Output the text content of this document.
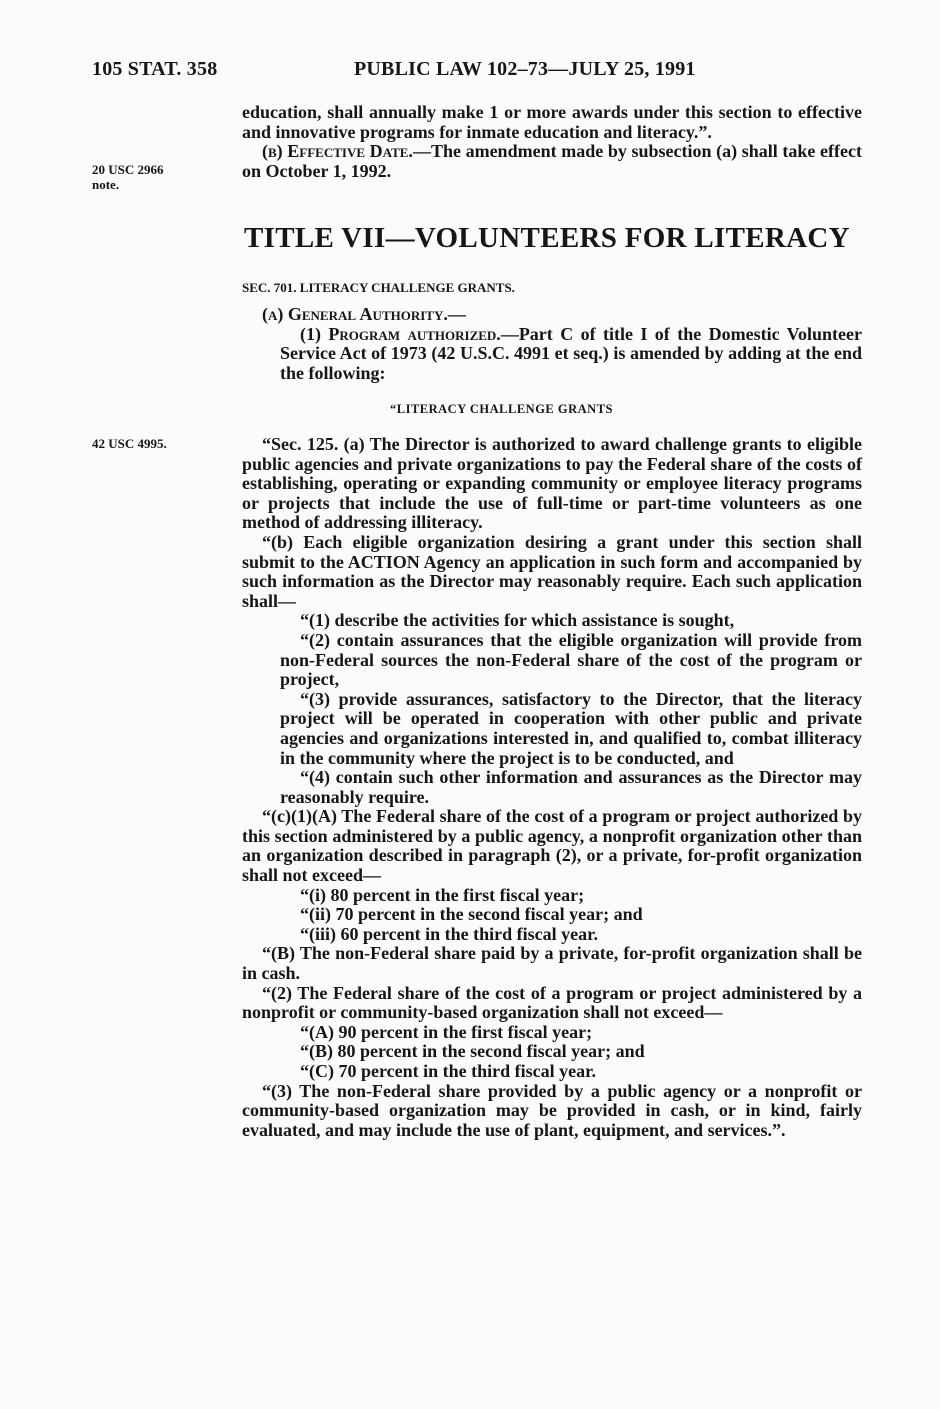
105 STAT. 358	PUBLIC LAW 102–73—JULY 25, 1991
20 USC 2966
note.
42 USC 4995.

education, shall annually make 1 or more awards under this section to effective and innovative programs for inmate education and literacy.”.

(b) Effective Date.—The amendment made by subsection (a) shall take effect on October 1, 1992.

TITLE VII—VOLUNTEERS FOR LITERACY
SEC. 701. LITERACY CHALLENGE GRANTS.

(a) General Authority.—

(1) Program authorized.—Part C of title I of the Domestic Volunteer Service Act of 1973 (42 U.S.C. 4991 et seq.) is amended by adding at the end the following:

“LITERACY CHALLENGE GRANTS

“Sec. 125. (a) The Director is authorized to award challenge grants to eligible public agencies and private organizations to pay the Federal share of the costs of establishing, operating or expanding community or employee literacy programs or projects that include the use of full-time or part-time volunteers as one method of addressing illiteracy.

“(b) Each eligible organization desiring a grant under this section shall submit to the ACTION Agency an application in such form and accompanied by such information as the Director may reasonably require. Each such application shall—

“(1) describe the activities for which assistance is sought,

“(2) contain assurances that the eligible organization will provide from non-Federal sources the non-Federal share of the cost of the program or project,

“(3) provide assurances, satisfactory to the Director, that the literacy project will be operated in cooperation with other public and private agencies and organizations interested in, and qualified to, combat illiteracy in the community where the project is to be conducted, and

“(4) contain such other information and assurances as the Director may reasonably require.

“(c)(1)(A) The Federal share of the cost of a program or project authorized by this section administered by a public agency, a nonprofit organization other than an organization described in paragraph (2), or a private, for-profit organization shall not exceed—

“(i) 80 percent in the first fiscal year;

“(ii) 70 percent in the second fiscal year; and

“(iii) 60 percent in the third fiscal year.

“(B) The non-Federal share paid by a private, for-profit organization shall be in cash.

“(2) The Federal share of the cost of a program or project administered by a nonprofit or community-based organization shall not exceed—

“(A) 90 percent in the first fiscal year;

“(B) 80 percent in the second fiscal year; and

“(C) 70 percent in the third fiscal year.

“(3) The non-Federal share provided by a public agency or a nonprofit or community-based organization may be provided in cash, or in kind, fairly evaluated, and may include the use of plant, equipment, and services.”.
